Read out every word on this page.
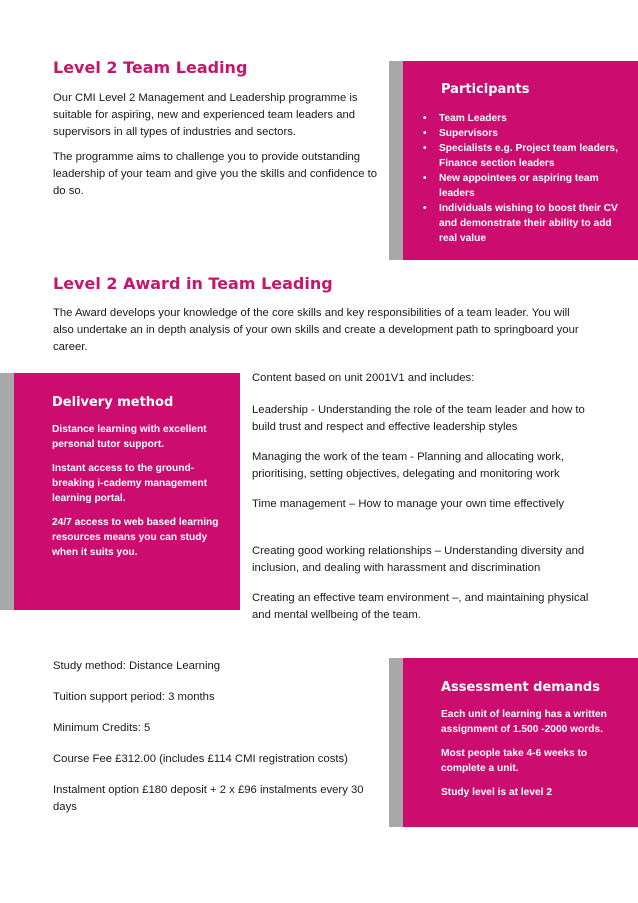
Level 2 Team Leading

Our CMI Level 2 Management and Leadership programme is suitable for aspiring, new and experienced team leaders and supervisors in all types of industries and sectors.

The programme aims to challenge you to provide outstanding leadership of your team and give you the skills and confidence to do so.

Participants

• Team Leaders
• Supervisors
• Specialists e.g. Project team leaders, Finance section leaders
• New appointees or aspiring team leaders
• Individuals wishing to boost their CV and demonstrate their ability to add real value
Level 2 Award in Team Leading
The Award develops your knowledge of the core skills and key responsibilities of a team leader. You will also undertake an in depth analysis of your own skills and create a development path to springboard your career.

Delivery method

Distance learning with excellent personal tutor support.
Instant access to the ground-breaking i-cademy management learning portal.
24/7 access to web based learning resources means you can study when it suits you.

Content based on unit 2001V1 and includes:

Leadership - Understanding the role of the team leader and how to build trust and respect and effective leadership styles

Managing the work of the team - Planning and allocating work, prioritising, setting objectives, delegating and monitoring work

Time management – How to manage your own time effectively

Creating good working relationships – Understanding diversity and inclusion, and dealing with harassment and discrimination

Creating an effective team environment –, and maintaining physical and mental wellbeing of the team.

Study method: Distance Learning

Tuition support period: 3 months

Minimum Credits: 5

Course Fee £312.00 (includes £114 CMI registration costs)

Instalment option £180 deposit + 2 x £96 instalments every 30 days

Assessment demands

Each unit of learning has a written assignment of 1.500 -2000 words.
Most people take 4-6 weeks to complete a unit.
Study level is at level 2
